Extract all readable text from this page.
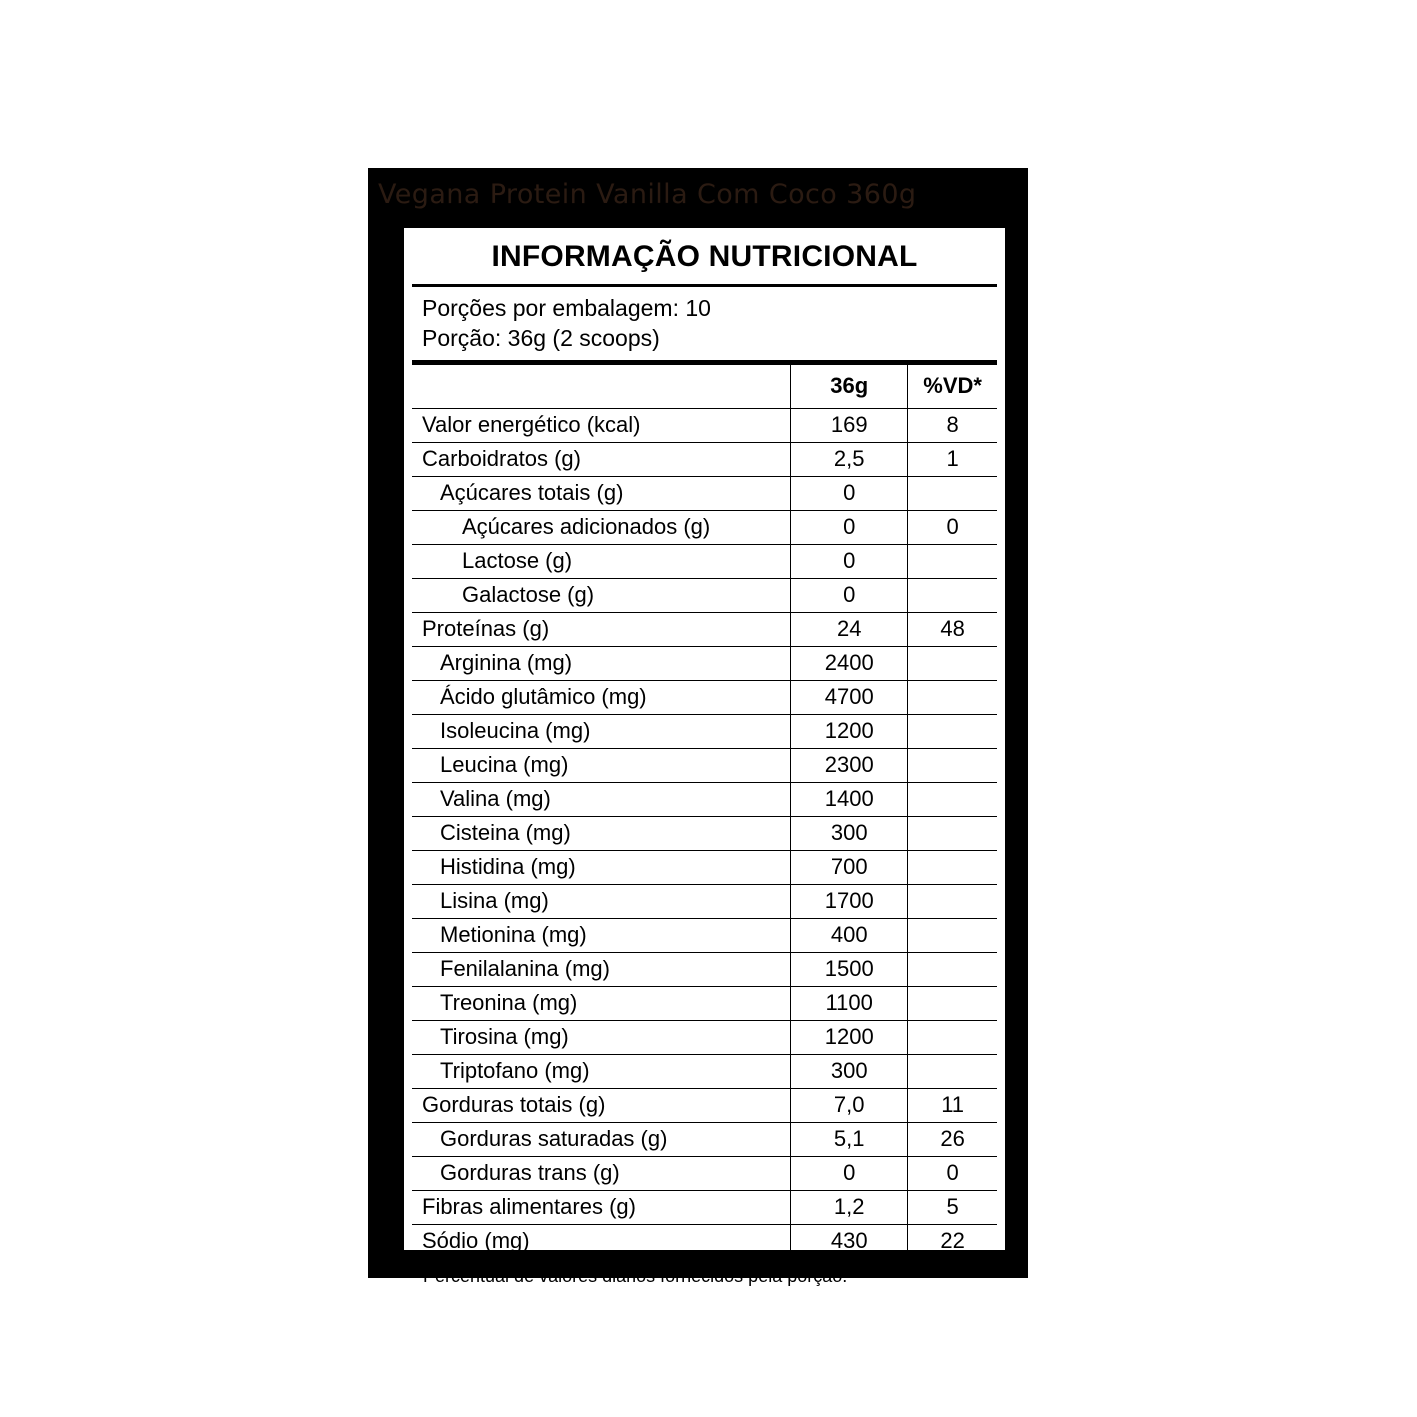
Vegana Protein Vanilla Com Coco 360g
INFORMAÇÃO NUTRICIONAL
Porções por embalagem: 10
Porção: 36g (2 scoops)
	36g	%VD*
Valor energético (kcal)	169	8
Carboidratos (g)	2,5	1
Açúcares totais (g)	0	
Açúcares adicionados (g)	0	0
Lactose (g)	0	
Galactose (g)	0	
Proteínas (g)	24	48
Arginina (mg)	2400	
Ácido glutâmico (mg)	4700	
Isoleucina (mg)	1200	
Leucina (mg)	2300	
Valina (mg)	1400	
Cisteina (mg)	300	
Histidina (mg)	700	
Lisina (mg)	1700	
Metionina (mg)	400	
Fenilalanina (mg)	1500	
Treonina (mg)	1100	
Tirosina (mg)	1200	
Triptofano (mg)	300	
Gorduras totais (g)	7,0	11
Gorduras saturadas (g)	5,1	26
Gorduras trans (g)	0	0
Fibras alimentares (g)	1,2	5
Sódio (mg)	430	22
*Percentual de valores diários fornecidos pela porção.
